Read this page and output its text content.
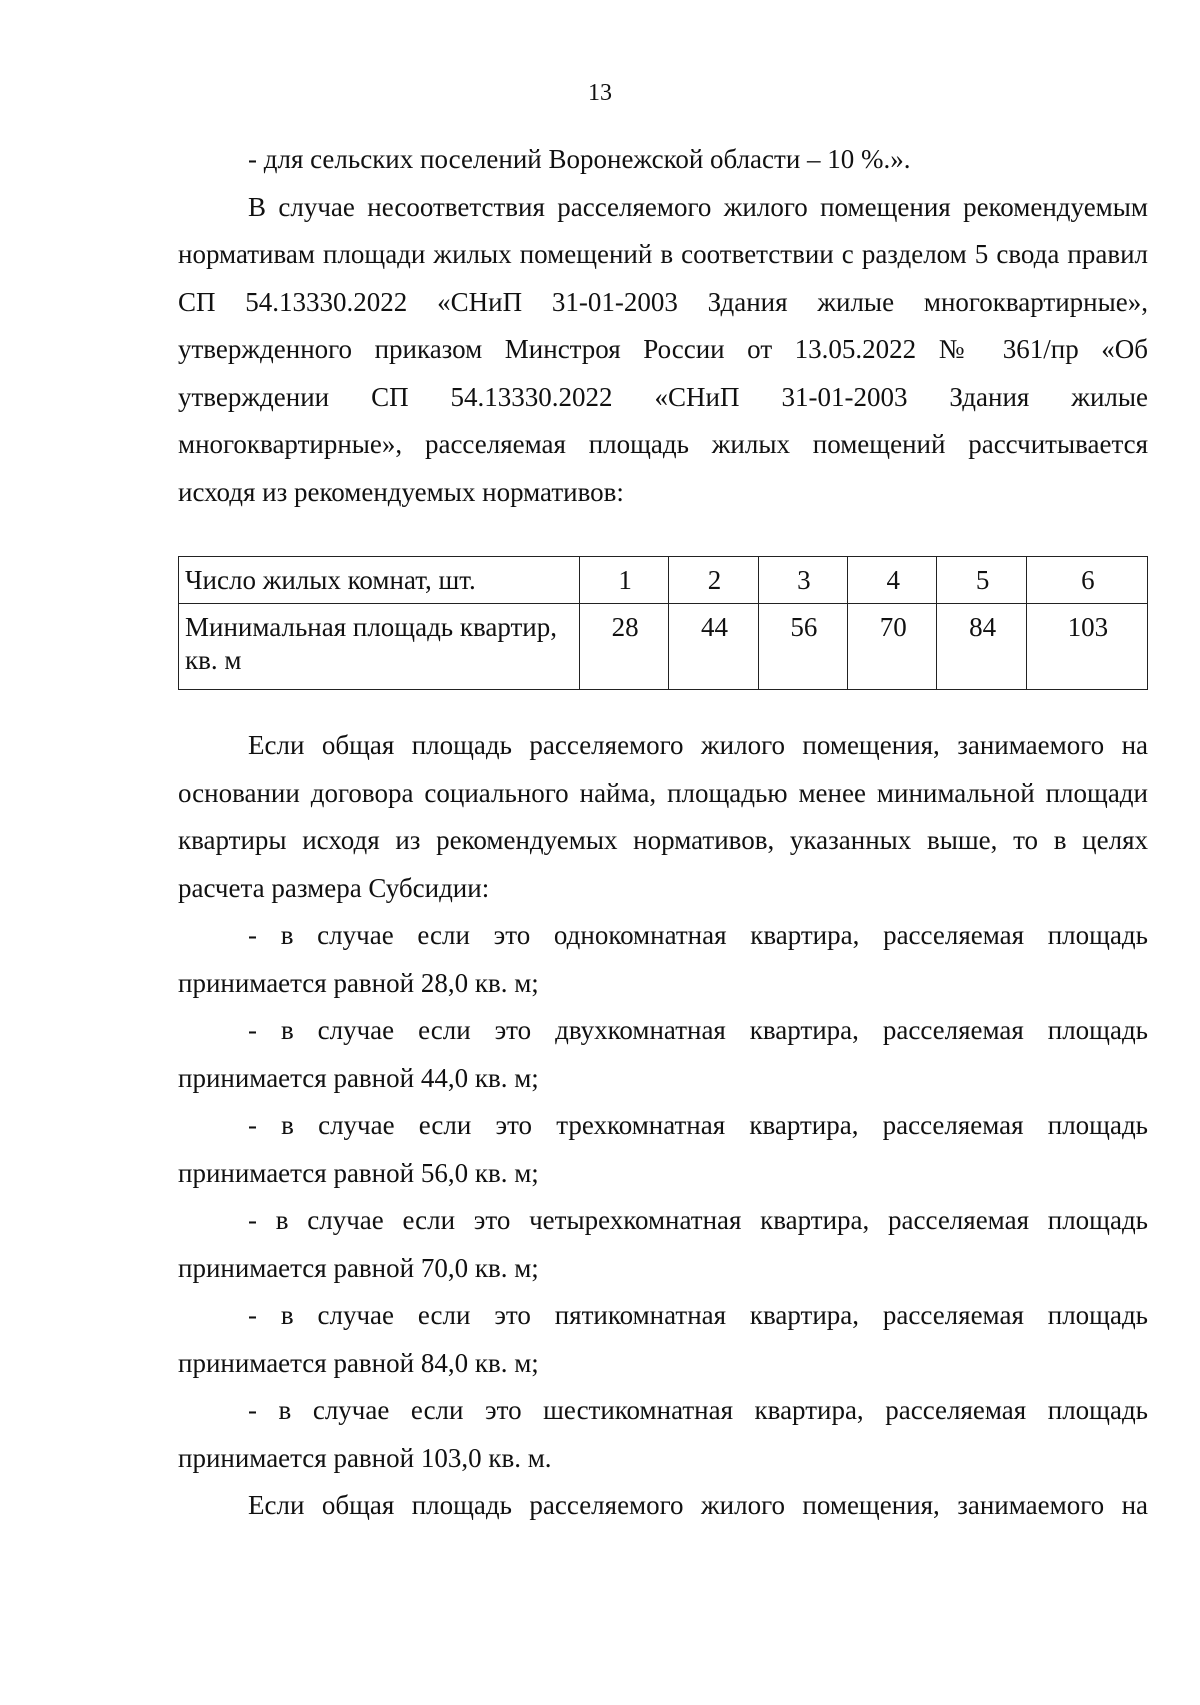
13

- для сельских поселений Воронежской области – 10 %.».

В случае несоответствия расселяемого жилого помещения рекомендуемым нормативам площади жилых помещений в соответствии с разделом 5 свода правил СП 54.13330.2022 «СНиП 31-01-2003 Здания жилые многоквартирные», утвержденного приказом Минстроя России от 13.05.2022 № 361/пр «Об утверждении СП 54.13330.2022 «СНиП 31-01-2003 Здания жилые многоквартирные», расселяемая площадь жилых помещений рассчитывается исходя из рекомендуемых нормативов:

Число жилых комнат, шт.	1	2	3	4	5	6
Минимальная площадь квартир, кв. м	28	44	56	70	84	103

Если общая площадь расселяемого жилого помещения, занимаемого на основании договора социального найма, площадью менее минимальной площади квартиры исходя из рекомендуемых нормативов, указанных выше, то в целях расчета размера Субсидии:

- в случае если это однокомнатная квартира, расселяемая площадь принимается равной 28,0 кв. м;

- в случае если это двухкомнатная квартира, расселяемая площадь принимается равной 44,0 кв. м;

- в случае если это трехкомнатная квартира, расселяемая площадь принимается равной 56,0 кв. м;

- в случае если это четырехкомнатная квартира, расселяемая площадь принимается равной 70,0 кв. м;

- в случае если это пятикомнатная квартира, расселяемая площадь принимается равной 84,0 кв. м;

- в случае если это шестикомнатная квартира, расселяемая площадь принимается равной 103,0 кв. м.

Если общая площадь расселяемого жилого помещения, занимаемого на
